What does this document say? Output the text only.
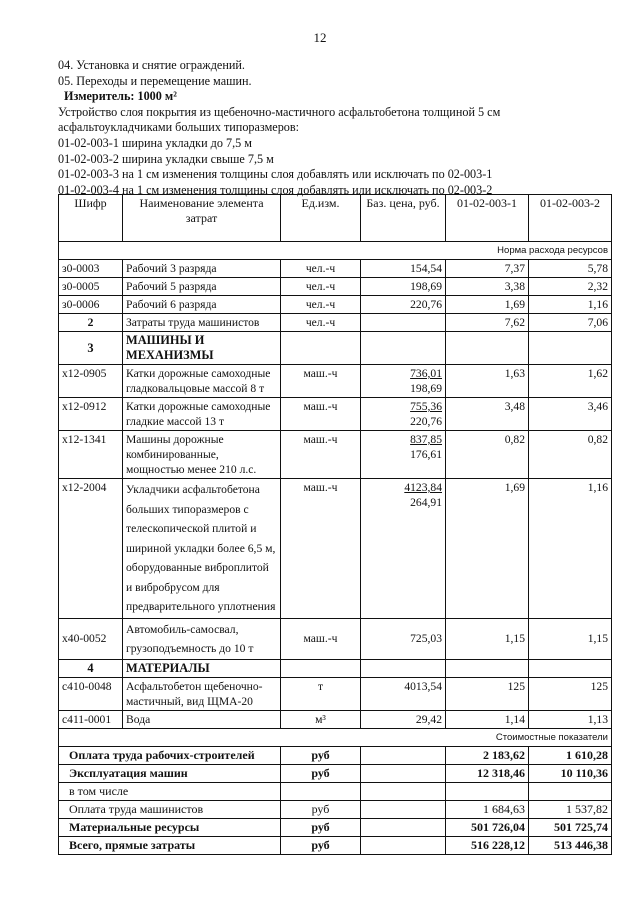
12
04. Установка и снятие ограждений.
05. Переходы и перемещение машин.
Измеритель: 1000 м²
Устройство слоя покрытия из щебеночно-мастичного асфальтобетона толщиной 5 см
асфальтоукладчиками больших типоразмеров:
01-02-003-1 ширина укладки до 7,5 м
01-02-003-2 ширина укладки свыше 7,5 м
01-02-003-3 на 1 см изменения толщины слоя добавлять или исключать по 02-003-1
01-02-003-4 на 1 см изменения толщины слоя добавлять или исключать по 02-003-2
Шифр	Наименование элемента затрат	Ед.изм.	Баз. цена, руб.	01-02-003-1	01-02-003-2
Норма расхода ресурсов					
з0-0003	Рабочий 3 разряда	чел.-ч	154,54	7,37	5,78
з0-0005	Рабочий 5 разряда	чел.-ч	198,69	3,38	2,32
з0-0006	Рабочий 6 разряда	чел.-ч	220,76	1,69	1,16
2	Затраты труда машинистов	чел.-ч		7,62	7,06
3	МАШИНЫ И МЕХАНИЗМЫ				
х12-0905	Катки дорожные самоходные гладковальцовые массой 8 т	маш.-ч	736,01
198,69	1,63	1,62
х12-0912	Катки дорожные самоходные гладкие массой 13 т	маш.-ч	755,36
220,76	3,48	3,46
х12-1341	Машины дорожные комбинированные, мощностью менее 210 л.с.	маш.-ч	837,85
176,61	0,82	0,82
х12-2004	Укладчики асфальтобетона больших типоразмеров с телескопической плитой и шириной укладки более 6,5 м, оборудованные виброплитой и вибробрусом для предварительного уплотнения	маш.-ч	4123,84
264,91	1,69	1,16
х40-0052	Автомобиль-самосвал, грузоподъемность до 10 т	маш.-ч	725,03	1,15	1,15
4	МАТЕРИАЛЫ				
с410-0048	Асфальтобетон щебеночно-мастичный, вид ЩМА-20	т	4013,54	125	125
с411-0001	Вода	м³	29,42	1,14	1,13
Стоимостные показатели					
Оплата труда рабочих-строителей		руб		2 183,62	1 610,28
Эксплуатация машин		руб		12 318,46	10 110,36
в том числе					
Оплата труда машинистов		руб		1 684,63	1 537,82
Материальные ресурсы		руб		501 726,04	501 725,74
Всего, прямые затраты		руб		516 228,12	513 446,38
